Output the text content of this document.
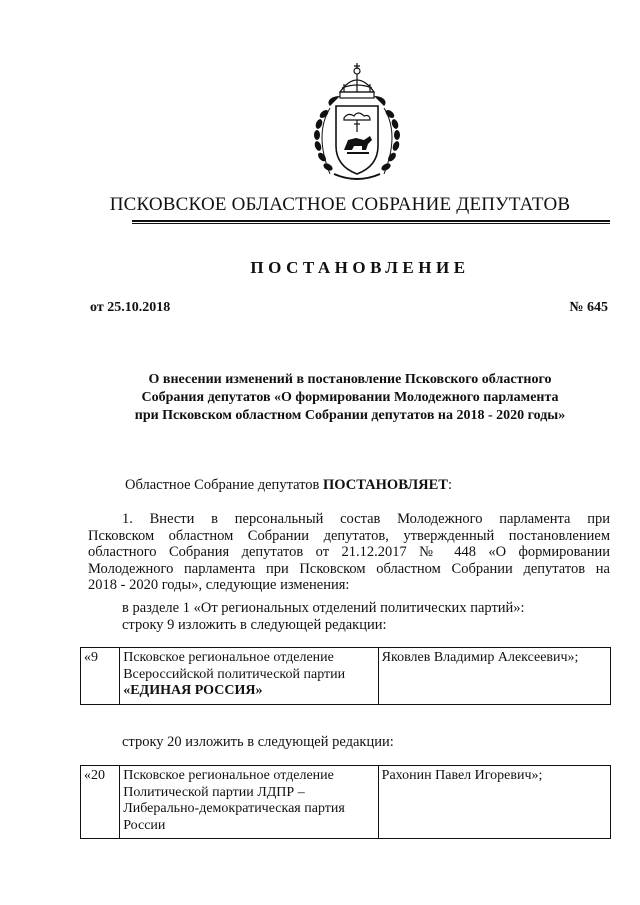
ПСКОВСКОЕ ОБЛАСТНОЕ СОБРАНИЕ ДЕПУТАТОВ
ПОСТАНОВЛЕНИЕ
от 25.10.2018	№ 645
О внесении изменений в постановление Псковского областного
Собрания депутатов «О формировании Молодежного парламента
при Псковском областном Собрании депутатов на 2018 - 2020 годы»
Областное Собрание депутатов ПОСТАНОВЛЯЕТ:
1. Внести в персональный состав Молодежного парламента при
Псковском областном Собрании депутатов, утвержденный постановлением
областного Собрания депутатов от 21.12.2017 № 448 «О формировании
Молодежного парламента при Псковском областном Собрании депутатов на
2018 - 2020 годы», следующие изменения:
в разделе 1 «От региональных отделений политических партий»:
строку 9 изложить в следующей редакции:
«9	Псковское региональное отделение
Всероссийской политической партии
«ЕДИНАЯ РОССИЯ»
	Яковлев Владимир Алексеевич»;
строку 20 изложить в следующей редакции:
«20	Псковское региональное отделение
Политической партии ЛДПР –
Либерально-демократическая партия
России
	Рахонин Павел Игоревич»;
